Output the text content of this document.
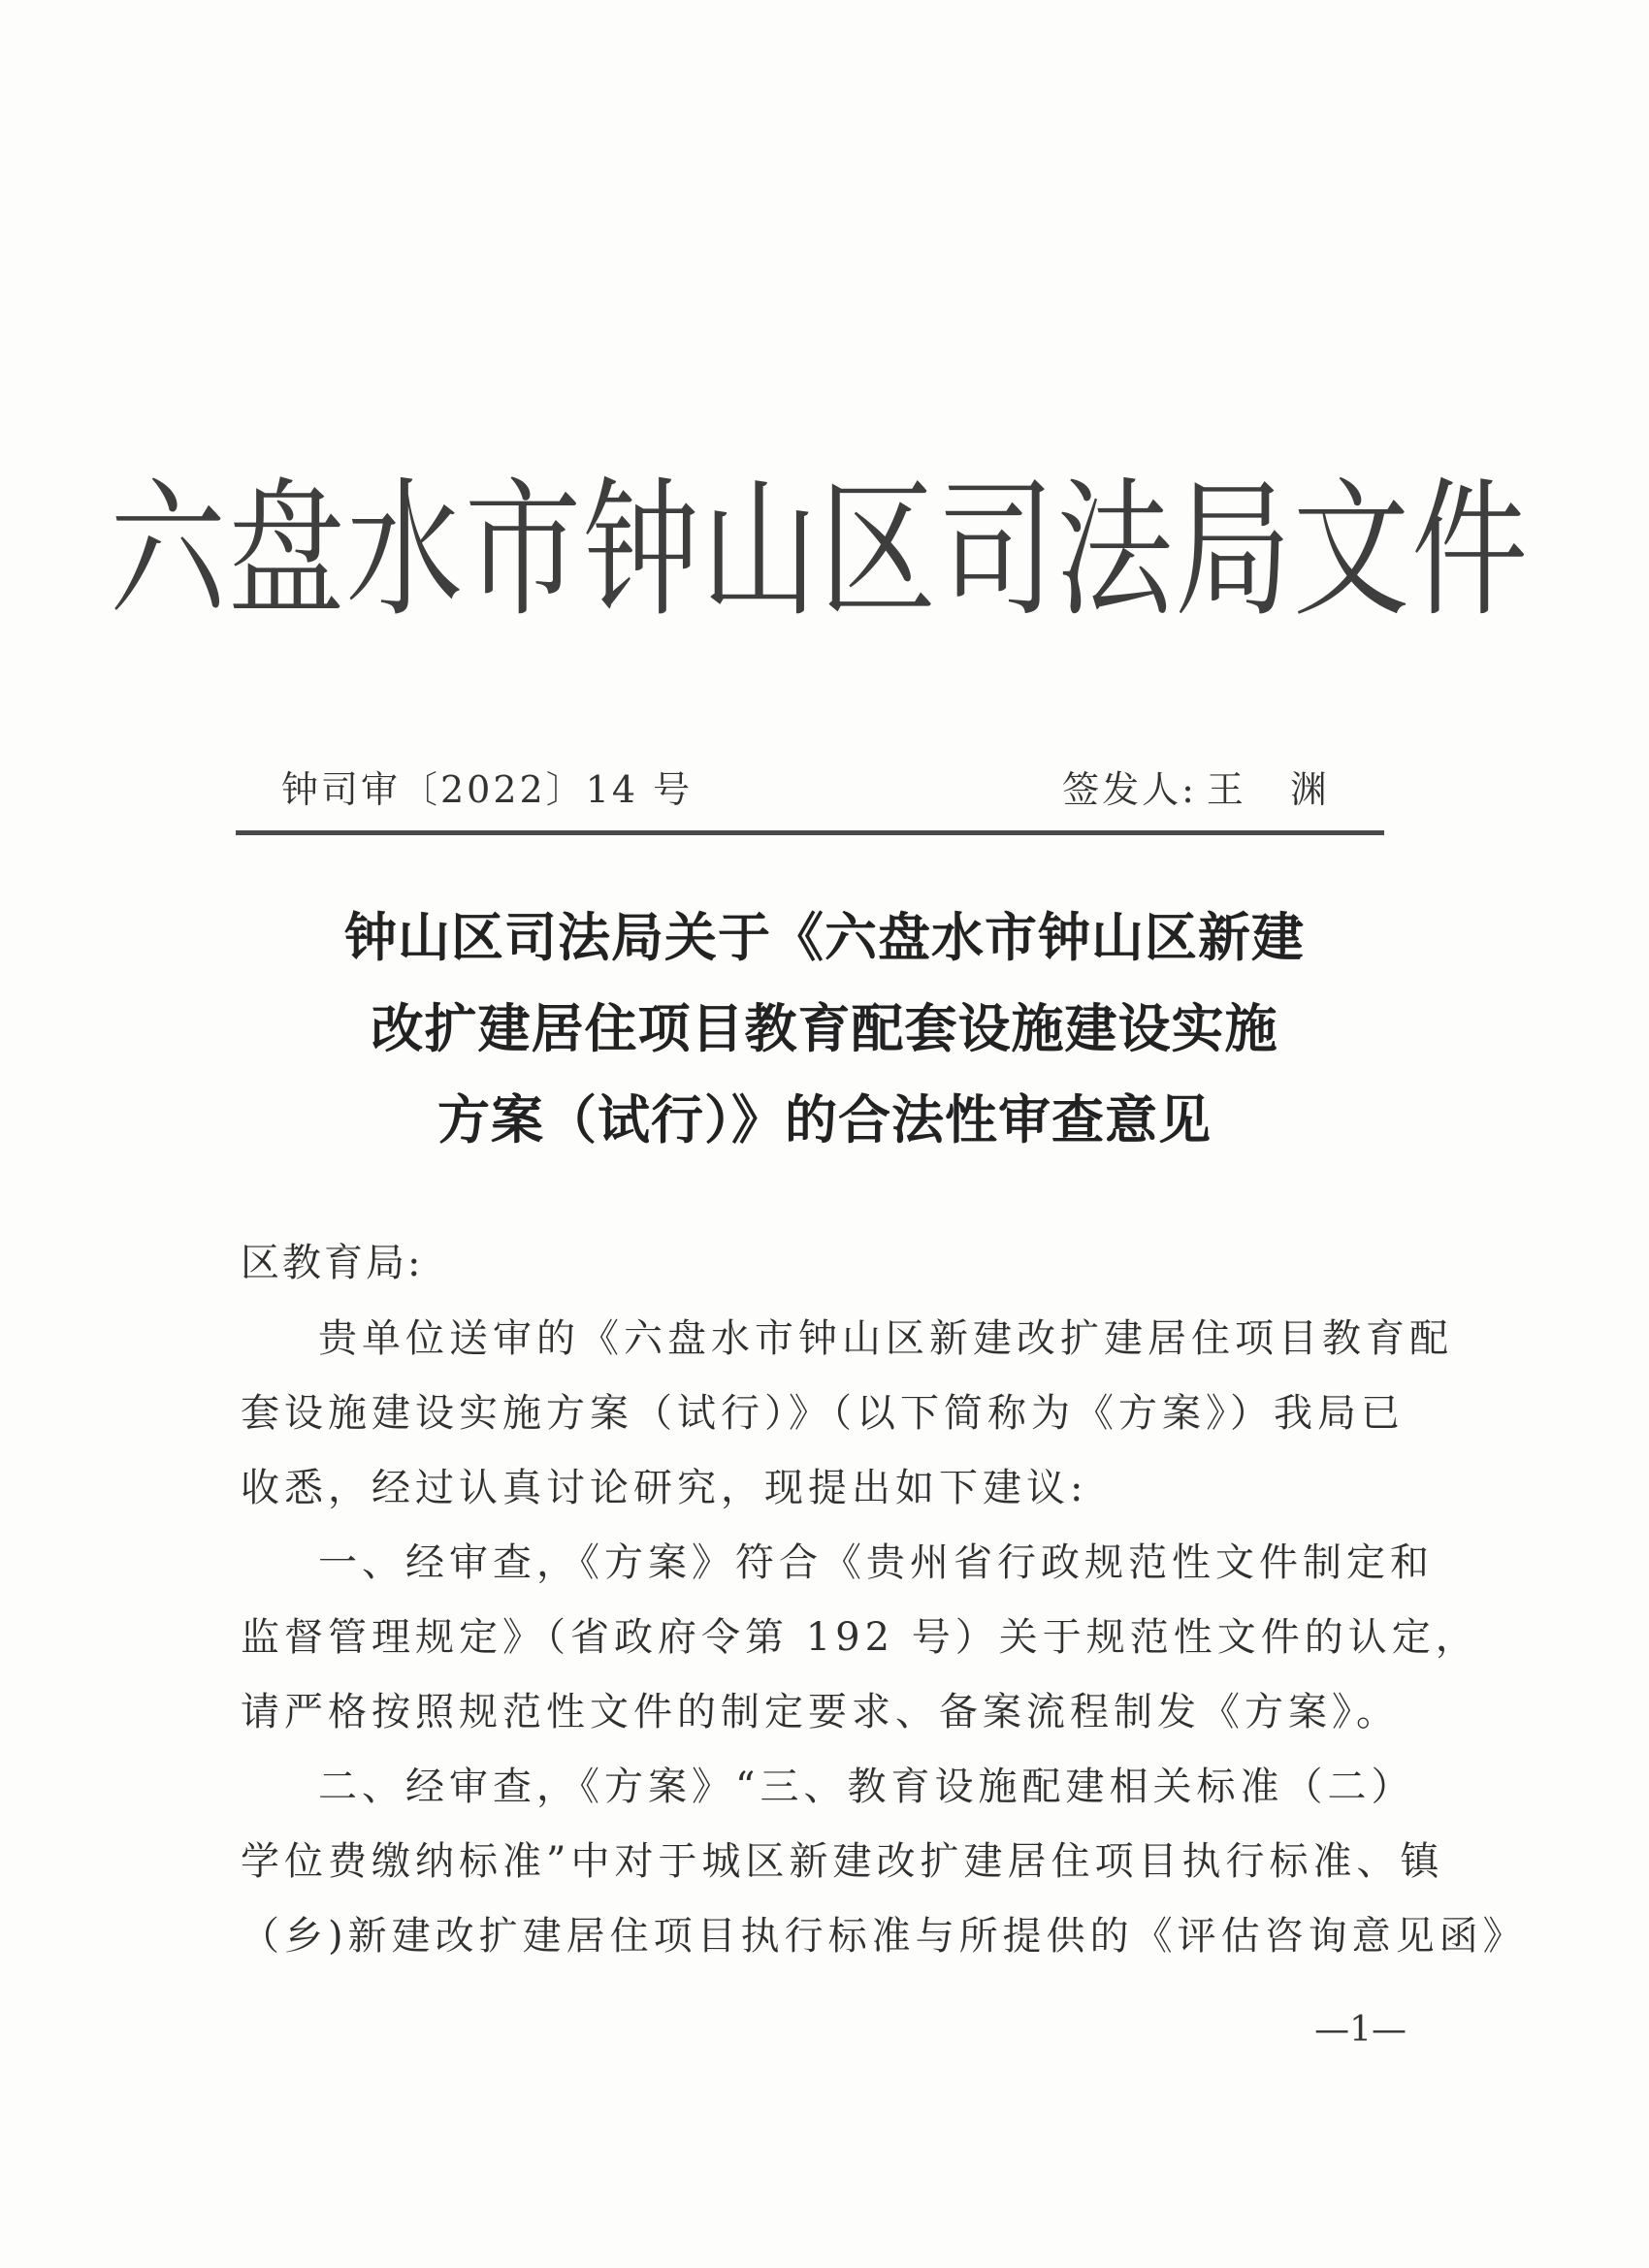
六盘水市钟山区司法局文件
钟司审〔2022〕14 号	签发人: 王 渊
钟山区司法局关于《六盘水市钟山区新建
改扩建居住项目教育配套设施建设实施
方案（试行）》的合法性审查意见
区教育局:
贵单位送审的《六盘水市钟山区新建改扩建居住项目教育配
套设施建设实施方案（试行）》（以下简称为《方案》）我局已
收悉，经过认真讨论研究，现提出如下建议:
一、经审查，《方案》符合《贵州省行政规范性文件制定和
监督管理规定》（省政府令第 192 号）关于规范性文件的认定，
请严格按照规范性文件的制定要求、备案流程制发《方案》。
二、经审查，《方案》“三、教育设施配建相关标准（二）
学位费缴纳标准”中对于城区新建改扩建居住项目执行标准、镇
（乡)新建改扩建居住项目执行标准与所提供的《评估咨询意见函》
—1—
